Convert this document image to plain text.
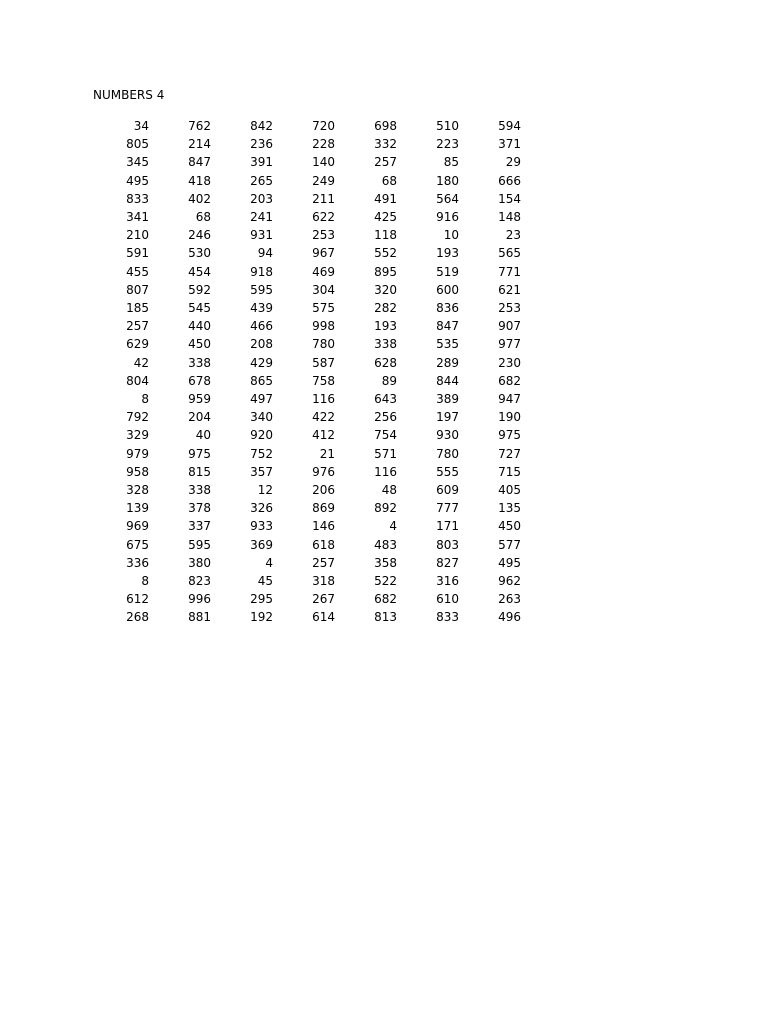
NUMBERS 4
34	762	842	720	698	510	594
805	214	236	228	332	223	371
345	847	391	140	257	85	29
495	418	265	249	68	180	666
833	402	203	211	491	564	154
341	68	241	622	425	916	148
210	246	931	253	118	10	23
591	530	94	967	552	193	565
455	454	918	469	895	519	771
807	592	595	304	320	600	621
185	545	439	575	282	836	253
257	440	466	998	193	847	907
629	450	208	780	338	535	977
42	338	429	587	628	289	230
804	678	865	758	89	844	682
8	959	497	116	643	389	947
792	204	340	422	256	197	190
329	40	920	412	754	930	975
979	975	752	21	571	780	727
958	815	357	976	116	555	715
328	338	12	206	48	609	405
139	378	326	869	892	777	135
969	337	933	146	4	171	450
675	595	369	618	483	803	577
336	380	4	257	358	827	495
8	823	45	318	522	316	962
612	996	295	267	682	610	263
268	881	192	614	813	833	496
